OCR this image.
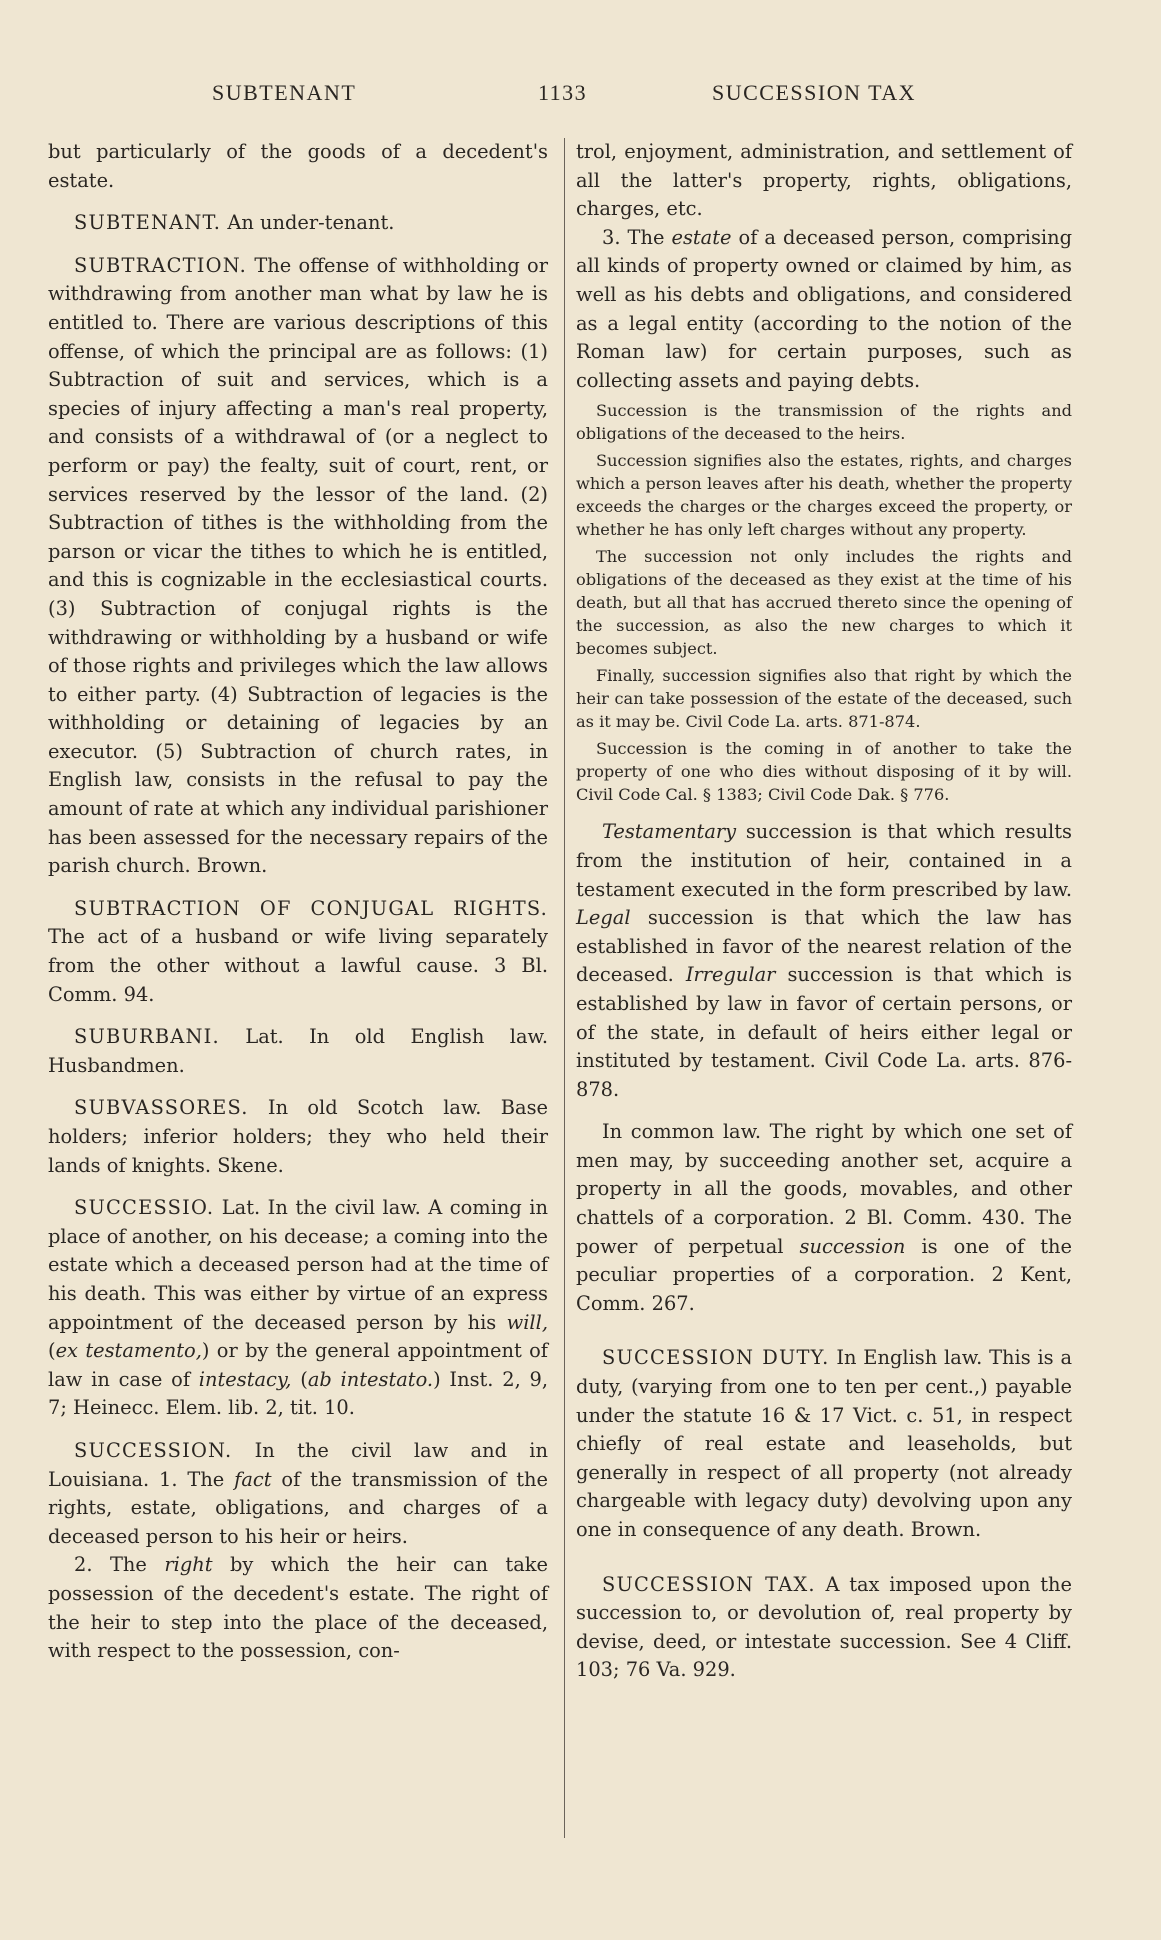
SUBTENANT	1133	SUCCESSION TAX

but particularly of the goods of a decedent's estate.

SUBTENANT. An under-tenant.

SUBTRACTION. The offense of withholding or withdrawing from another man what by law he is entitled to. There are various descriptions of this offense, of which the principal are as follows: (1) Subtraction of suit and services, which is a species of injury affecting a man's real property, and consists of a withdrawal of (or a neglect to perform or pay) the fealty, suit of court, rent, or services reserved by the lessor of the land. (2) Subtraction of tithes is the withholding from the parson or vicar the tithes to which he is entitled, and this is cognizable in the ecclesiastical courts. (3) Subtraction of conjugal rights is the withdrawing or withholding by a husband or wife of those rights and privileges which the law allows to either party. (4) Subtraction of legacies is the withholding or detaining of legacies by an executor. (5) Subtraction of church rates, in English law, consists in the refusal to pay the amount of rate at which any individual parishioner has been assessed for the necessary repairs of the parish church. Brown.

SUBTRACTION OF CONJUGAL RIGHTS. The act of a husband or wife living separately from the other without a lawful cause. 3 Bl. Comm. 94.

SUBURBANI. Lat. In old English law. Husbandmen.

SUBVASSORES. In old Scotch law. Base holders; inferior holders; they who held their lands of knights. Skene.

SUCCESSIO. Lat. In the civil law. A coming in place of another, on his decease; a coming into the estate which a deceased person had at the time of his death. This was either by virtue of an express appointment of the deceased person by his will, (ex testamento,) or by the general appointment of law in case of intestacy, (ab intestato.) Inst. 2, 9, 7; Heinecc. Elem. lib. 2, tit. 10.

SUCCESSION. In the civil law and in Louisiana. 1. The fact of the transmission of the rights, estate, obligations, and charges of a deceased person to his heir or heirs.

2. The right by which the heir can take possession of the decedent's estate. The right of the heir to step into the place of the deceased, with respect to the possession, con-

trol, enjoyment, administration, and settlement of all the latter's property, rights, obligations, charges, etc.

3. The estate of a deceased person, comprising all kinds of property owned or claimed by him, as well as his debts and obligations, and considered as a legal entity (according to the notion of the Roman law) for certain purposes, such as collecting assets and paying debts.

Succession is the transmission of the rights and obligations of the deceased to the heirs.

Succession signifies also the estates, rights, and charges which a person leaves after his death, whether the property exceeds the charges or the charges exceed the property, or whether he has only left charges without any property.

The succession not only includes the rights and obligations of the deceased as they exist at the time of his death, but all that has accrued thereto since the opening of the succession, as also the new charges to which it becomes subject.

Finally, succession signifies also that right by which the heir can take possession of the estate of the deceased, such as it may be. Civil Code La. arts. 871-874.

Succession is the coming in of another to take the property of one who dies without disposing of it by will. Civil Code Cal. § 1383; Civil Code Dak. § 776.

Testamentary succession is that which results from the institution of heir, contained in a testament executed in the form prescribed by law. Legal succession is that which the law has established in favor of the nearest relation of the deceased. Irregular succession is that which is established by law in favor of certain persons, or of the state, in default of heirs either legal or instituted by testament. Civil Code La. arts. 876-878.

In common law. The right by which one set of men may, by succeeding another set, acquire a property in all the goods, movables, and other chattels of a corporation. 2 Bl. Comm. 430. The power of perpetual succession is one of the peculiar properties of a corporation. 2 Kent, Comm. 267.

SUCCESSION DUTY. In English law. This is a duty, (varying from one to ten per cent.,) payable under the statute 16 & 17 Vict. c. 51, in respect chiefly of real estate and leaseholds, but generally in respect of all property (not already chargeable with legacy duty) devolving upon any one in consequence of any death. Brown.

SUCCESSION TAX. A tax imposed upon the succession to, or devolution of, real property by devise, deed, or intestate succession. See 4 Cliff. 103; 76 Va. 929.
